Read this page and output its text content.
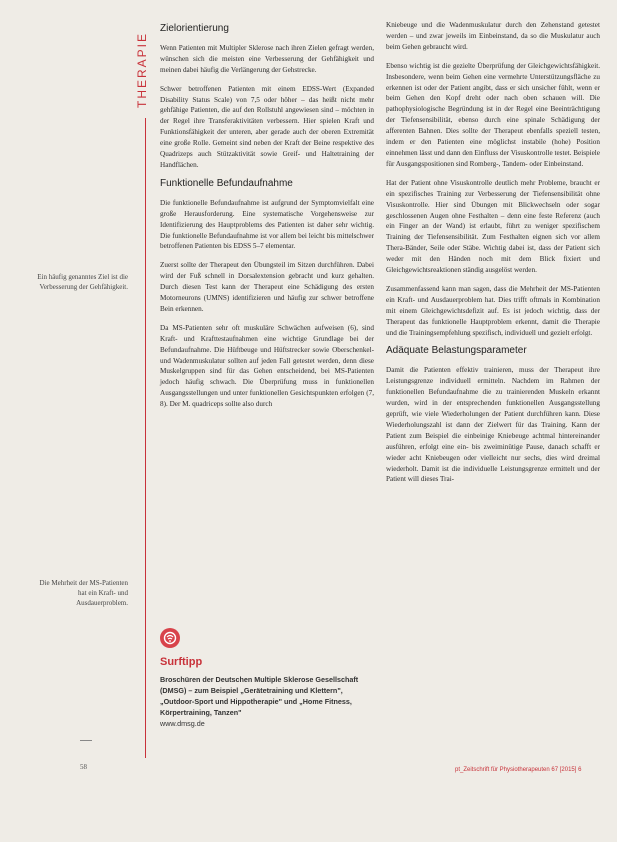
THERAPIE
Zielorientierung

Wenn Patienten mit Multipler Sklerose nach ihren Zielen gefragt werden, wünschen sich die meisten eine Verbesserung der Gehfähigkeit und meinen dabei häufig die Verlängerung der Gehstrecke.

Schwer betroffenen Patienten mit einem EDSS-Wert (Expanded Disability Status Scale) von 7,5 oder höher – das heißt nicht mehr gehfähige Patienten, die auf den Rollstuhl angewiesen sind – möchten in der Regel ihre Transferaktivitäten verbessern. Hier spielen Kraft und Funktionsfähigkeit der unteren, aber gerade auch der oberen Extremität eine große Rolle. Gemeint sind neben der Kraft der Beine respektive des Quadrizeps auch Stützaktivität sowie Greif- und Haltetraining der Handflächen.

Funktionelle Befundaufnahme

Die funktionelle Befundaufnahme ist aufgrund der Symptomvielfalt eine große Herausforderung. Eine systematische Vorgehensweise zur Identifizierung des Hauptproblems des Patienten ist daher sehr wichtig. Die funktionelle Befundaufnahme ist vor allem bei leicht bis mittelschwer betroffenen Patienten bis EDSS 5–7 elementar.

Zuerst sollte der Therapeut den Übungsteil im Sitzen durchführen. Dabei wird der Fuß schnell in Dorsalextension gebracht und kurz gehalten. Durch diesen Test kann der Therapeut eine Schädigung des ersten Motorneurons (UMNS) identifizieren und häufig zur schwer betroffene Bein erkennen.

Da MS-Patienten sehr oft muskuläre Schwächen aufweisen (6), sind Kraft- und Krafttestaufnahmen eine wichtige Grundlage bei der Befundaufnahme. Die Hüftbeuge und Hüftstrecker sowie Oberschenkel- und Wadenmuskulatur sollten auf jeden Fall getestet werden, denn diese Muskelgruppen sind für das Gehen entscheidend, bei MS-Patienten jedoch häufig schwach. Die Überprüfung muss in funktionellen Ausgangsstellungen und unter funktionellen Gesichtspunkten erfolgen (7, 8). Der M. quadriceps sollte also durch

Kniebeuge und die Wadenmuskulatur durch den Zehenstand getestet werden – und zwar jeweils im Einbeinstand, da so die Muskulatur auch beim Gehen gebraucht wird.

Ebenso wichtig ist die gezielte Überprüfung der Gleichgewichtsfähigkeit. Insbesondere, wenn beim Gehen eine vermehrte Unterstützungsfläche zu erkennen ist oder der Patient angibt, dass er sich unsicher fühlt, wenn er beim Gehen den Kopf dreht oder nach oben schauen will. Die pathophysiologische Begründung ist in der Regel eine Beeinträchtigung der Tiefensensibilität, ebenso durch eine spinale Schädigung der afferenten Bahnen. Dies sollte der Therapeut ebenfalls speziell testen, indem er den Patienten eine möglichst instabile (hohe) Position einnehmen lässt und dann den Einfluss der Visuskontrolle testet. Beispiele für Ausgangspositionen sind Romberg-, Tandem- oder Einbeinstand.

Hat der Patient ohne Visuskontrolle deutlich mehr Probleme, braucht er ein spezifisches Training zur Verbesserung der Tiefensensibilität ohne Visuskontrolle. Hier sind Übungen mit Blickwechseln oder sogar geschlossenen Augen ohne Festhalten – denn eine feste Referenz (auch ein Finger an der Wand) ist erlaubt, führt zu weniger spezifischem Training der Tiefensensibilität. Zum Festhalten eignen sich vor allem Thera-Bänder, Seile oder Stäbe. Wichtig dabei ist, dass der Patient sich weder mit den Händen noch mit dem Blick fixiert und Gleichgewichtsreaktionen ständig ausgelöst werden.

Zusammenfassend kann man sagen, dass die Mehrheit der MS-Patienten ein Kraft- und Ausdauerproblem hat. Dies trifft oftmals in Kombination mit einem Gleichgewichtsdefizit auf. Es ist jedoch wichtig, dass der Therapeut das funktionelle Hauptproblem erkennt, damit die Therapie und die Trainingsempfehlung spezifisch, individuell und gezielt erfolgt.

Adäquate Belastungsparameter

Damit die Patienten effektiv trainieren, muss der Therapeut ihre Leistungsgrenze individuell ermitteln. Nachdem im Rahmen der funktionellen Befundaufnahme die zu trainierenden Muskeln erkannt wurden, wird in der entsprechenden funktionellen Ausgangsstellung geprüft, wie viele Wiederholungen der Patient durchführen kann. Diese Wiederholungszahl ist dann der Zielwert für das Training. Kann der Patient zum Beispiel die einbeinige Kniebeuge achtmal hintereinander ausführen, erfolgt eine ein- bis zweiminütige Pause, danach schafft er wieder acht Kniebeugen oder vielleicht nur sechs, dies wird dreimal wiederholt. Damit ist die individuelle Leistungsgrenze ermittelt und der Patient will dieses Trai-

Ein häufig genanntes Ziel ist die Verbesserung der Gehfähigkeit.
Die Mehrheit der MS-Patienten hat ein Kraft- und Ausdauerproblem.
Surftipp

Broschüren der Deutschen Multiple Sklerose Gesellschaft (DMSG) – zum Beispiel „Gerätetraining und Klettern", „Outdoor-Sport und Hippotherapie" und „Home Fitness, Körpertraining, Tanzen"

www.dmsg.de

58	pt_Zeitschrift für Physiotherapeuten 67 [2015] 6
